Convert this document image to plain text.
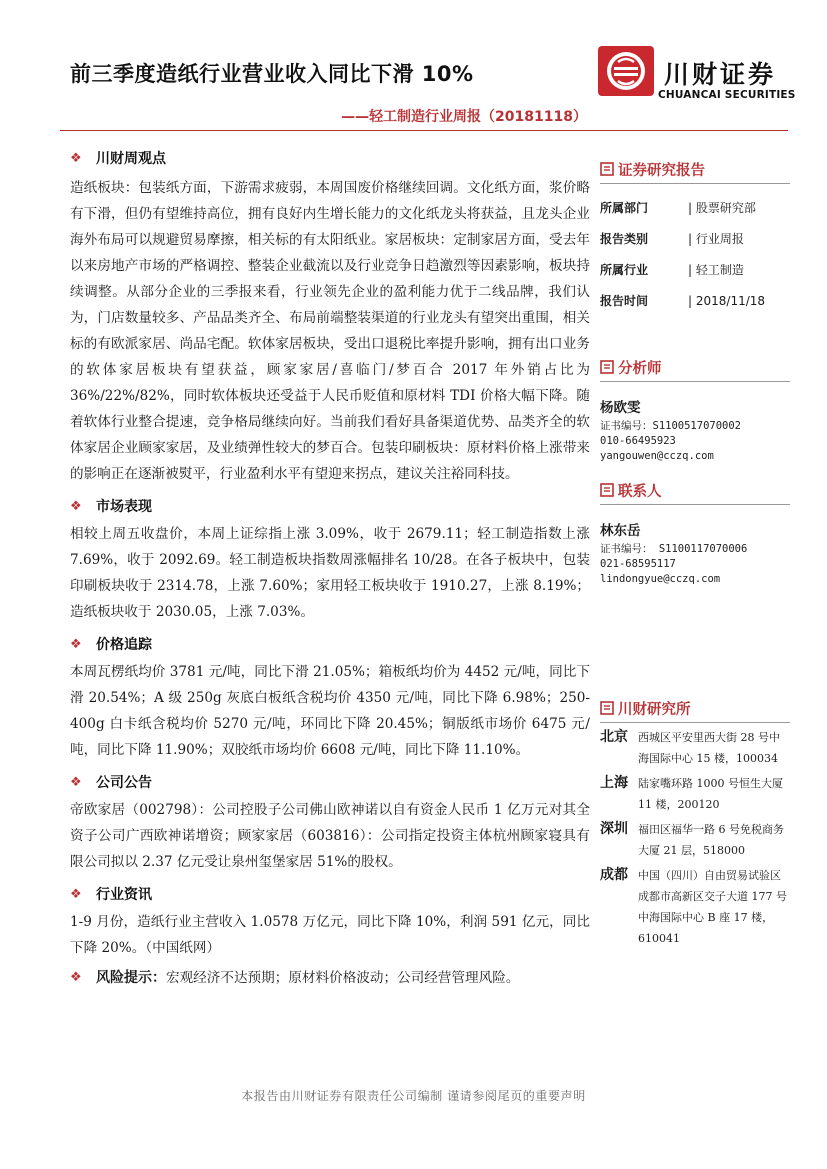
前三季度造纸行业营业收入同比下滑 10%
——轻工制造行业周报（20181118）
川财证券
CHUANCAI SECURITIES
❖	川财周观点

造纸板块：包装纸方面，下游需求疲弱，本周国废价格继续回调。文化纸方面，浆价略有下滑，但仍有望维持高位，拥有良好内生增长能力的文化纸龙头将获益，且龙头企业海外布局可以规避贸易摩擦，相关标的有太阳纸业。家居板块：定制家居方面，受去年以来房地产市场的严格调控、整装企业截流以及行业竞争日趋激烈等因素影响，板块持续调整。从部分企业的三季报来看，行业领先企业的盈利能力优于二线品牌，我们认为，门店数量较多、产品品类齐全、布局前端整装渠道的行业龙头有望突出重围，相关标的有欧派家居、尚品宅配。软体家居板块，受出口退税比率提升影响，拥有出口业务的软体家居板块有望获益，顾家家居/喜临门/梦百合 2017 年外销占比为 36%/22%/82%，同时软体板块还受益于人民币贬值和原材料 TDI 价格大幅下降。随着软体行业整合提速，竞争格局继续向好。当前我们看好具备渠道优势、品类齐全的软体家居企业顾家家居，及业绩弹性较大的梦百合。包装印刷板块：原材料价格上涨带来的影响正在逐渐被熨平，行业盈利水平有望迎来拐点，建议关注裕同科技。

❖	市场表现

相较上周五收盘价，本周上证综指上涨 3.09%，收于 2679.11；轻工制造指数上涨 7.69%，收于 2092.69。轻工制造板块指数周涨幅排名 10/28。在各子板块中，包装印刷板块收于 2314.78，上涨 7.60%；家用轻工板块收于 1910.27，上涨 8.19%；造纸板块收于 2030.05，上涨 7.03%。

❖	价格追踪

本周瓦楞纸均价 3781 元/吨，同比下滑 21.05%；箱板纸均价为 4452 元/吨，同比下滑 20.54%；A 级 250g 灰底白板纸含税均价 4350 元/吨，同比下降 6.98%；250-400g 白卡纸含税均价 5270 元/吨，环同比下降 20.45%；铜版纸市场价 6475 元/吨，同比下降 11.90%；双胶纸市场均价 6608 元/吨，同比下降 11.10%。

❖	公司公告

帝欧家居（002798）：公司控股子公司佛山欧神诺以自有资金人民币 1 亿万元对其全资子公司广西欧神诺增资；顾家家居（603816）：公司指定投资主体杭州顾家寝具有限公司拟以 2.37 亿元受让泉州玺堡家居 51%的股权。

❖	行业资讯

1-9 月份，造纸行业主营收入 1.0578 万亿元，同比下降 10%，利润 591 亿元，同比下降 20%。（中国纸网）

❖	风险提示： 宏观经济不达预期；原材料价格波动；公司经营管理风险。
证券研究报告
所属部门	| 股票研究部
报告类别	| 行业周报
所属行业	| 轻工制造
报告时间	| 2018/11/18
分析师
杨欧雯
证书编号：S1100517070002
010-66495923
yangouwen@cczq.com
联系人
林东岳
证书编号： S1100117070006
021-68595117
lindongyue@cczq.com
川财研究所
北京 西城区平安里西大街 28 号中海国际中心 15 楼，100034
上海 陆家嘴环路 1000 号恒生大厦 11 楼，200120
深圳 福田区福华一路 6 号免税商务大厦 21 层，518000
成都 中国（四川）自由贸易试验区成都市高新区交子大道 177 号中海国际中心 B 座 17 楼，610041
本报告由川财证券有限责任公司编制 谨请参阅尾页的重要声明
